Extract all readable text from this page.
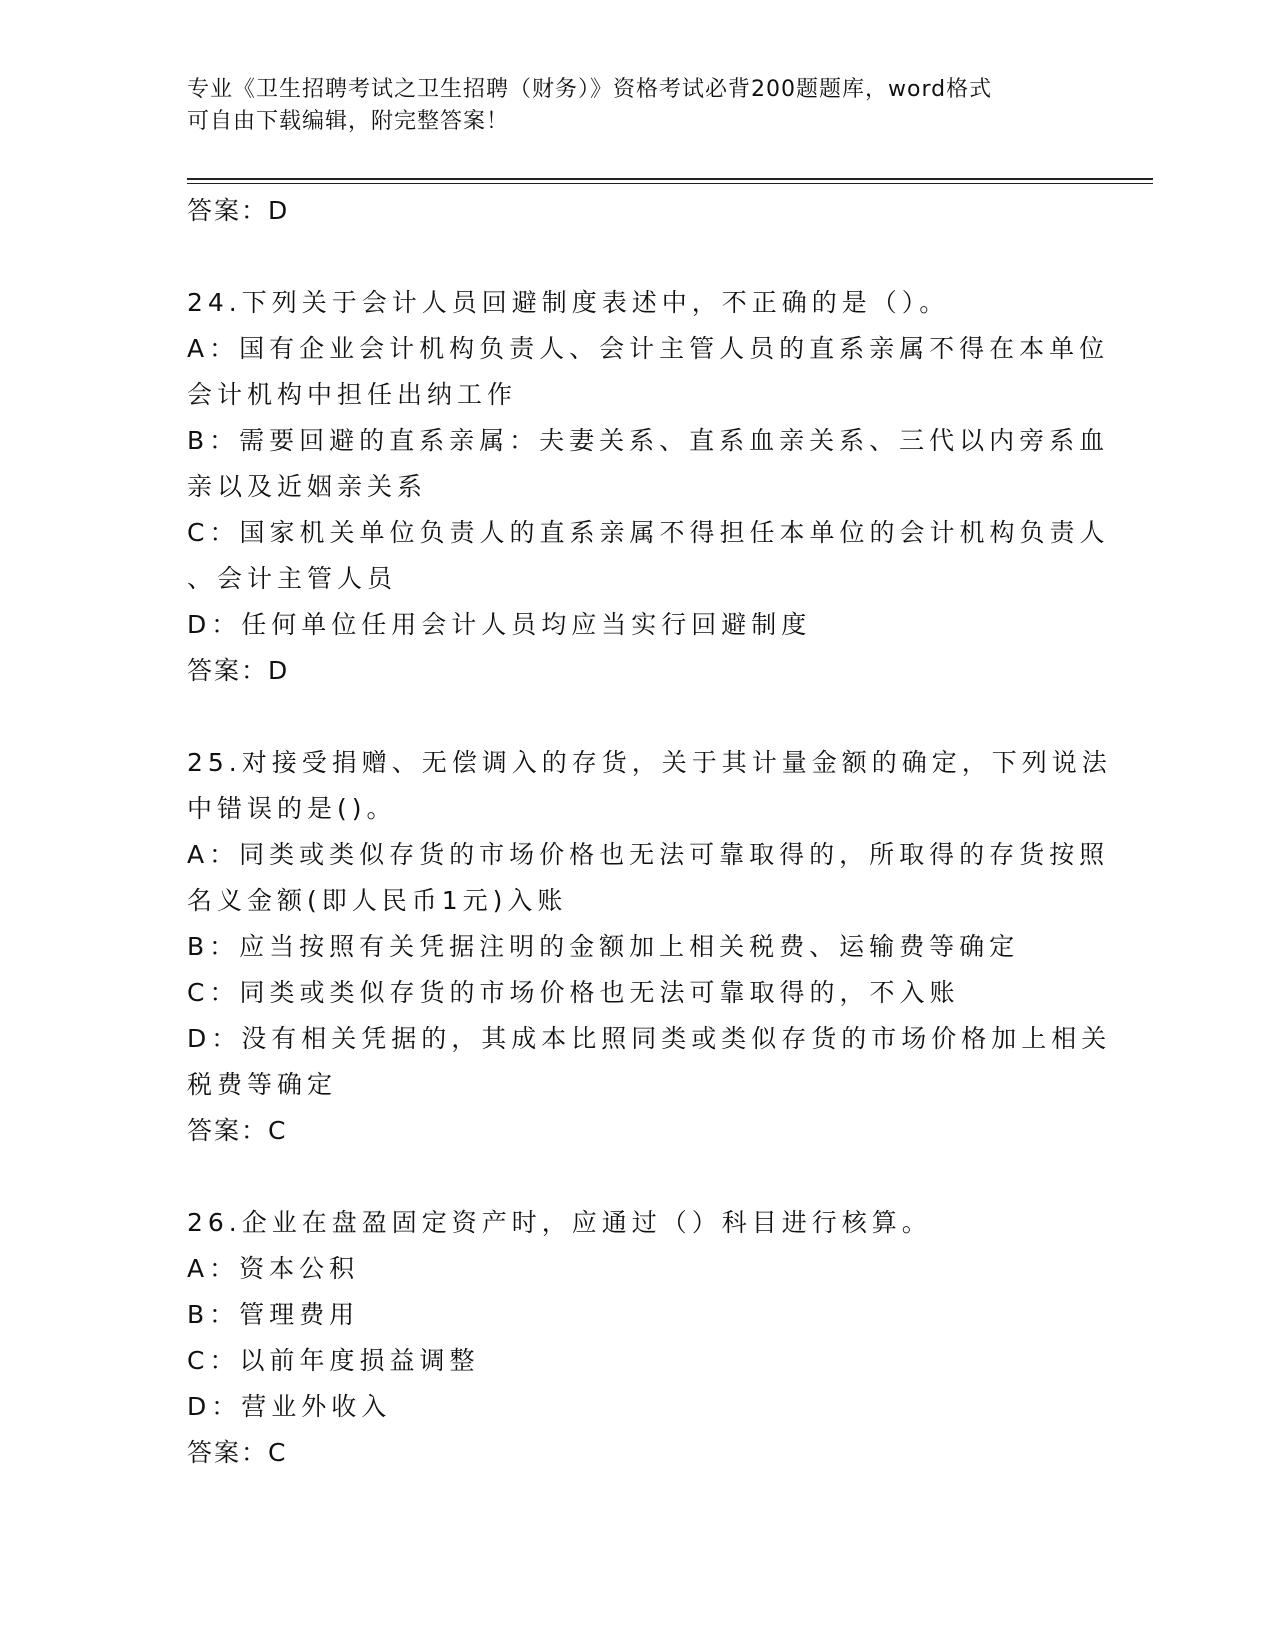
专业《卫生招聘考试之卫生招聘（财务）》资格考试必背200题题库，word格式
可自由下载编辑，附完整答案！
答案：D
24.下列关于会计人员回避制度表述中，不正确的是（）。
A：国有企业会计机构负责人、会计主管人员的直系亲属不得在本单位
会计机构中担任出纳工作
B：需要回避的直系亲属：夫妻关系、直系血亲关系、三代以内旁系血
亲以及近姻亲关系
C：国家机关单位负责人的直系亲属不得担任本单位的会计机构负责人
、会计主管人员
D：任何单位任用会计人员均应当实行回避制度
答案：D
25.对接受捐赠、无偿调入的存货，关于其计量金额的确定，下列说法
中错误的是()。
A：同类或类似存货的市场价格也无法可靠取得的，所取得的存货按照
名义金额(即人民币1元)入账
B：应当按照有关凭据注明的金额加上相关税费、运输费等确定
C：同类或类似存货的市场价格也无法可靠取得的，不入账
D：没有相关凭据的，其成本比照同类或类似存货的市场价格加上相关
税费等确定
答案：C
26.企业在盘盈固定资产时，应通过（）科目进行核算。
A：资本公积
B：管理费用
C：以前年度损益调整
D：营业外收入
答案：C
